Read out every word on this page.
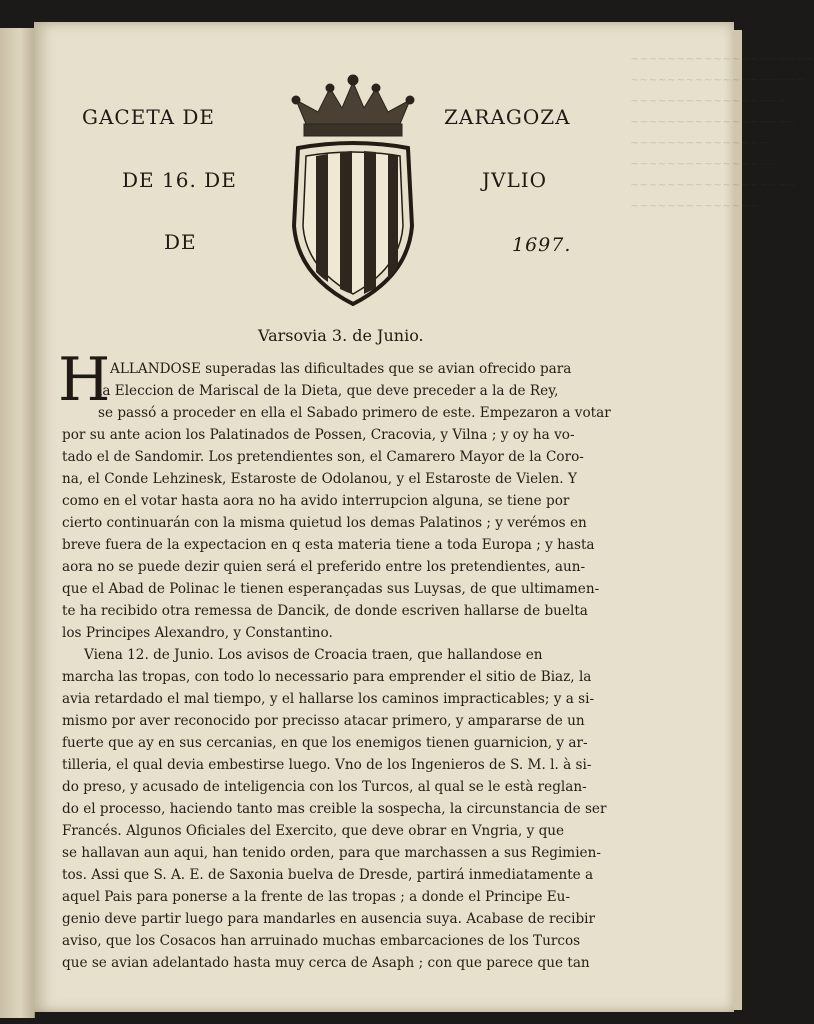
~~~~~~~~~~~~~~~~~~~~
~~~~~~~~~~~~~~~~~~~
~~~~~~~~~~~~~~~~~
~~~~~~~~~~~~~~~~~~
~~~~~~~~~~~~~~~
~~~~~~~~~~~~~~~~
~~~~~~~~~~~~~~~~~~
~~~~~~~~~~~~~~
GACETA DE	ZARAGOZA
DE 16. DE	JVLIO
DE	1697.
Varsovia 3. de Junio.
H ALLANDOSE superadas las dificultades que se avian ofrecido para
la Eleccion de Mariscal de la Dieta, que deve preceder a la de Rey,
se passó a proceder en ella el Sabado primero de este. Empezaron a votar
por su ante acion los Palatinados de Possen, Cracovia, y Vilna ; y oy ha vo-
tado el de Sandomir. Los pretendientes son, el Camarero Mayor de la Coro-
na, el Conde Lehzinesk, Estaroste de Odolanou, y el Estaroste de Vielen. Y
como en el votar hasta aora no ha avido interrupcion alguna, se tiene por
cierto continuarán con la misma quietud los demas Palatinos ; y verémos en
breve fuera de la expectacion en q esta materia tiene a toda Europa ; y hasta
aora no se puede dezir quien será el preferido entre los pretendientes, aun-
que el Abad de Polinac le tienen esperançadas sus Luysas, de que ultimamen-
te ha recibido otra remessa de Dancik, de donde escriven hallarse de buelta
los Principes Alexandro, y Constantino.
Viena 12. de Junio. Los avisos de Croacia traen, que hallandose en
marcha las tropas, con todo lo necessario para emprender el sitio de Biaz, la
avia retardado el mal tiempo, y el hallarse los caminos impracticables; y a si-
mismo por aver reconocido por precisso atacar primero, y ampararse de un
fuerte que ay en sus cercanias, en que los enemigos tienen guarnicion, y ar-
tilleria, el qual devia embestirse luego. Vno de los Ingenieros de S. M. l. à si-
do preso, y acusado de inteligencia con los Turcos, al qual se le està reglan-
do el processo, haciendo tanto mas creible la sospecha, la circunstancia de ser
Francés. Algunos Oficiales del Exercito, que deve obrar en Vngria, y que
se hallavan aun aqui, han tenido orden, para que marchassen a sus Regimien-
tos. Assi que S. A. E. de Saxonia buelva de Dresde, partirá inmediatamente a
aquel Pais para ponerse a la frente de las tropas ; a donde el Principe Eu-
genio deve partir luego para mandarles en ausencia suya. Acabase de recibir
aviso, que los Cosacos han arruinado muchas embarcaciones de los Turcos
que se avian adelantado hasta muy cerca de Asaph ; con que parece que tan
